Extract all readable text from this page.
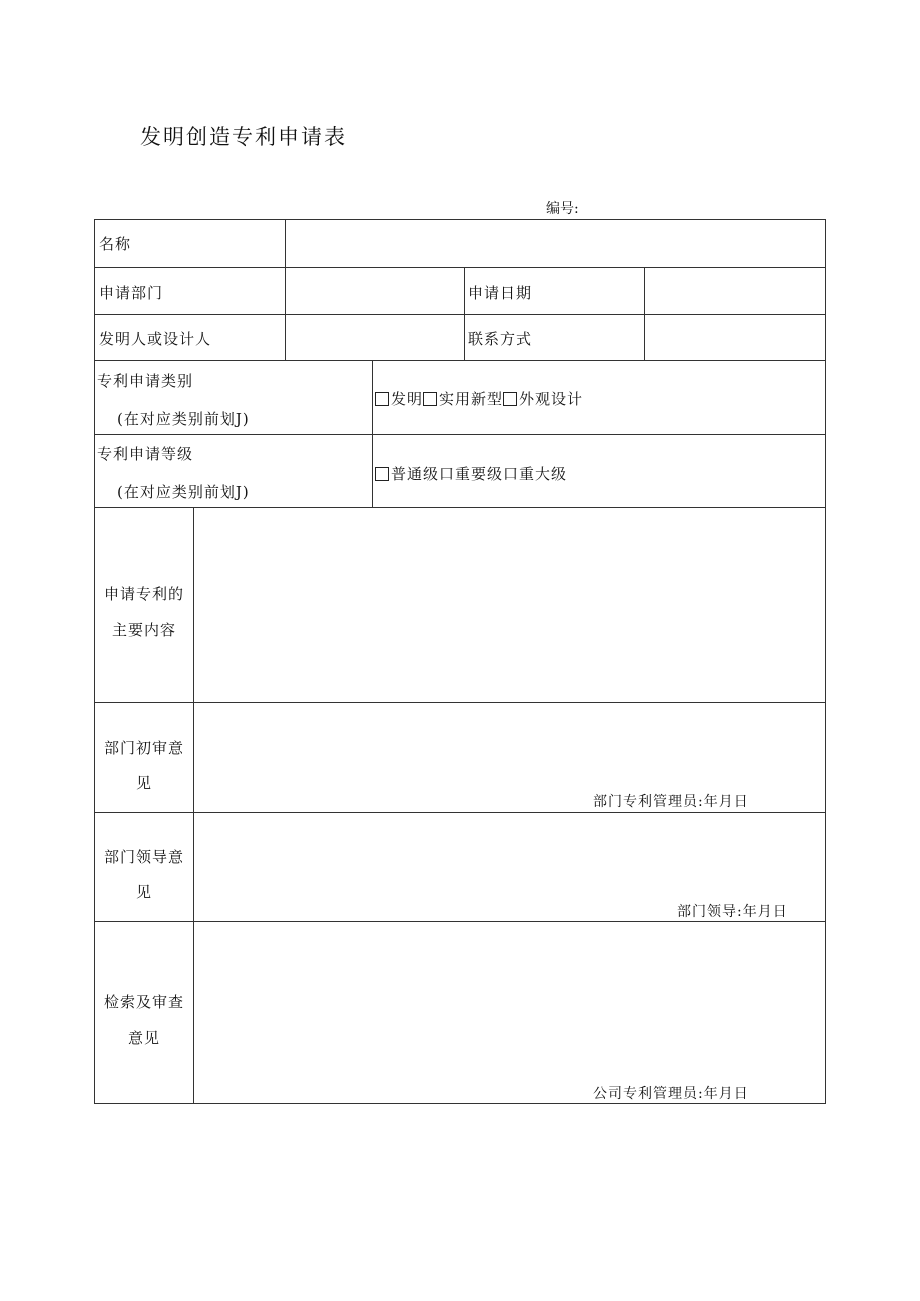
发明创造专利申请表
编号:
名称
申请部门	申请日期
发明人或设计人	联系方式
专利申请类别
(在对应类别前划J)
发明 实用新型 外观设计
专利申请等级
(在对应类别前划J)
普通级口重要级口重大级
申请专利的
主要内容
部门初审意
见
部门专利管理员:年月日
部门领导意
见
部门领导:年月日
检索及审查
意见
公司专利管理员:年月日
